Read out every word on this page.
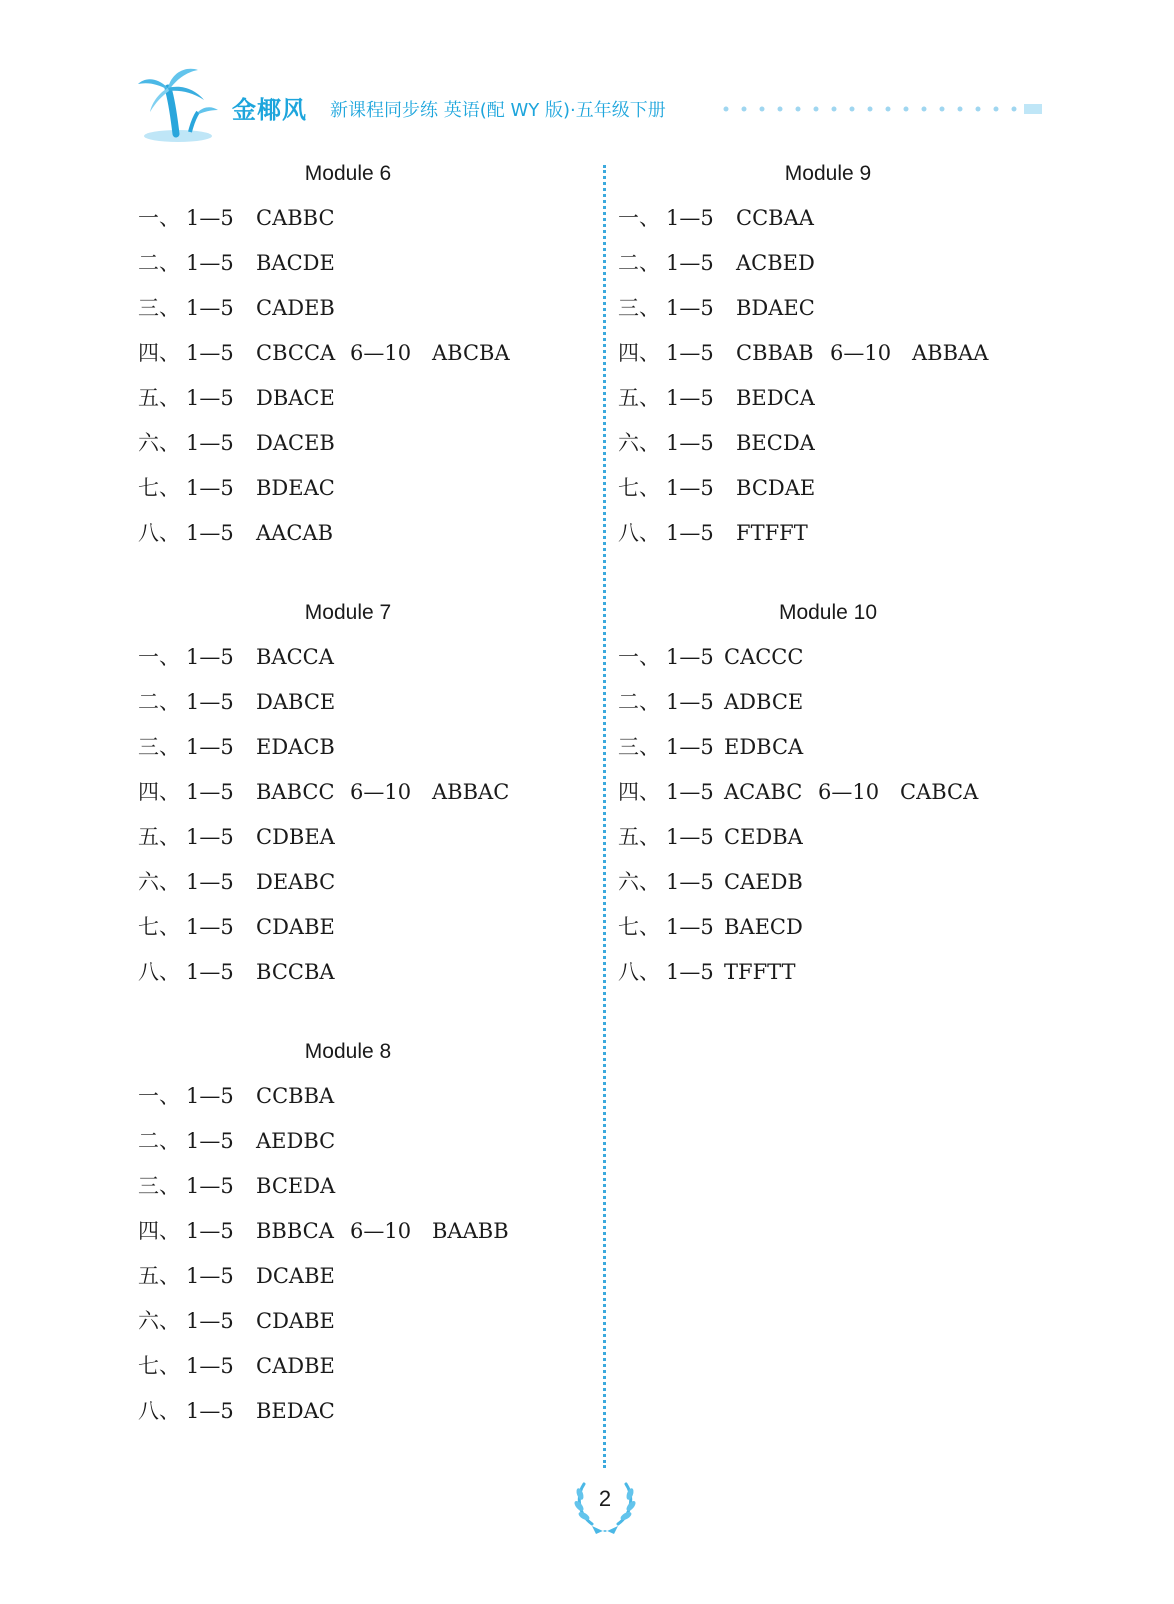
金椰风 新课程同步练 英语(配 WY 版)·五年级下册
Module 6
一、 1—5 CABBC
二、 1—5 BACDE
三、 1—5 CADEB
四、 1—5 CBCCA 6—10 ABCBA
五、 1—5 DBACE
六、 1—5 DACEB
七、 1—5 BDEAC
八、 1—5 AACAB
Module 7
一、 1—5 BACCA
二、 1—5 DABCE
三、 1—5 EDACB
四、 1—5 BABCC 6—10 ABBAC
五、 1—5 CDBEA
六、 1—5 DEABC
七、 1—5 CDABE
八、 1—5 BCCBA
Module 8
一、 1—5 CCBBA
二、 1—5 AEDBC
三、 1—5 BCEDA
四、 1—5 BBBCA 6—10 BAABB
五、 1—5 DCABE
六、 1—5 CDABE
七、 1—5 CADBE
八、 1—5 BEDAC
Module 9
一、 1—5 CCBAA
二、 1—5 ACBED
三、 1—5 BDAEC
四、 1—5 CBBAB 6—10 ABBAA
五、 1—5 BEDCA
六、 1—5 BECDA
七、 1—5 BCDAE
八、 1—5 FTFFT
Module 10
一、 1—5 CACCC
二、 1—5 ADBCE
三、 1—5 EDBCA
四、 1—5 ACABC 6—10 CABCA
五、 1—5 CEDBA
六、 1—5 CAEDB
七、 1—5 BAECD
八、 1—5 TFFTT
2
